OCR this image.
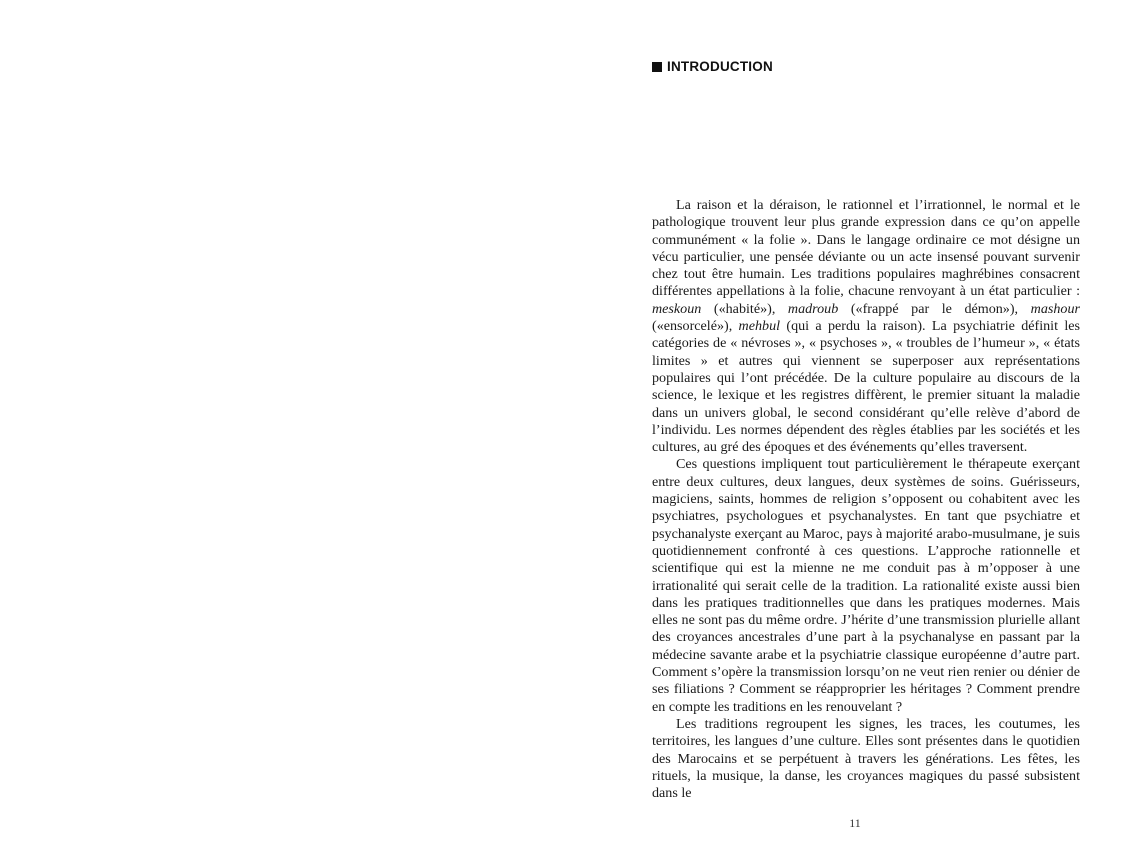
INTRODUCTION

La raison et la déraison, le rationnel et l’irrationnel, le normal et le pathologique trouvent leur plus grande expression dans ce qu’on appelle communément « la folie ». Dans le langage ordinaire ce mot désigne un vécu particulier, une pensée déviante ou un acte insensé pouvant survenir chez tout être humain. Les traditions populaires maghrébines consacrent différentes appellations à la folie, chacune renvoyant à un état particulier : meskoun («habité»), madroub («frappé par le démon»), mashour («ensorcelé»), mehbul (qui a perdu la raison). La psychiatrie définit les catégories de « névroses », « psychoses », « troubles de l’humeur », « états limites » et autres qui viennent se superposer aux représentations populaires qui l’ont précédée. De la culture populaire au discours de la science, le lexique et les registres diffèrent, le premier situant la maladie dans un univers global, le second considérant qu’elle relève d’abord de l’individu. Les normes dépendent des règles établies par les sociétés et les cultures, au gré des époques et des événements qu’elles traversent.

Ces questions impliquent tout particulièrement le thérapeute exerçant entre deux cultures, deux langues, deux systèmes de soins. Guérisseurs, magiciens, saints, hommes de religion s’opposent ou cohabitent avec les psychiatres, psychologues et psychanalystes. En tant que psychiatre et psychanalyste exerçant au Maroc, pays à majorité arabo-musulmane, je suis quotidiennement confronté à ces questions. L’approche rationnelle et scientifique qui est la mienne ne me conduit pas à m’opposer à une irrationalité qui serait celle de la tradition. La rationalité existe aussi bien dans les pratiques traditionnelles que dans les pratiques modernes. Mais elles ne sont pas du même ordre. J’hérite d’une transmission plurielle allant des croyances ancestrales d’une part à la psychanalyse en passant par la médecine savante arabe et la psychiatrie classique européenne d’autre part. Comment s’opère la transmission lorsqu’on ne veut rien renier ou dénier de ses filiations ? Comment se réapproprier les héritages ? Comment prendre en compte les traditions en les renouvelant ?

Les traditions regroupent les signes, les traces, les coutumes, les territoires, les langues d’une culture. Elles sont présentes dans le quotidien des Marocains et se perpétuent à travers les générations. Les fêtes, les rituels, la musique, la danse, les croyances magiques du passé subsistent dans le

11
